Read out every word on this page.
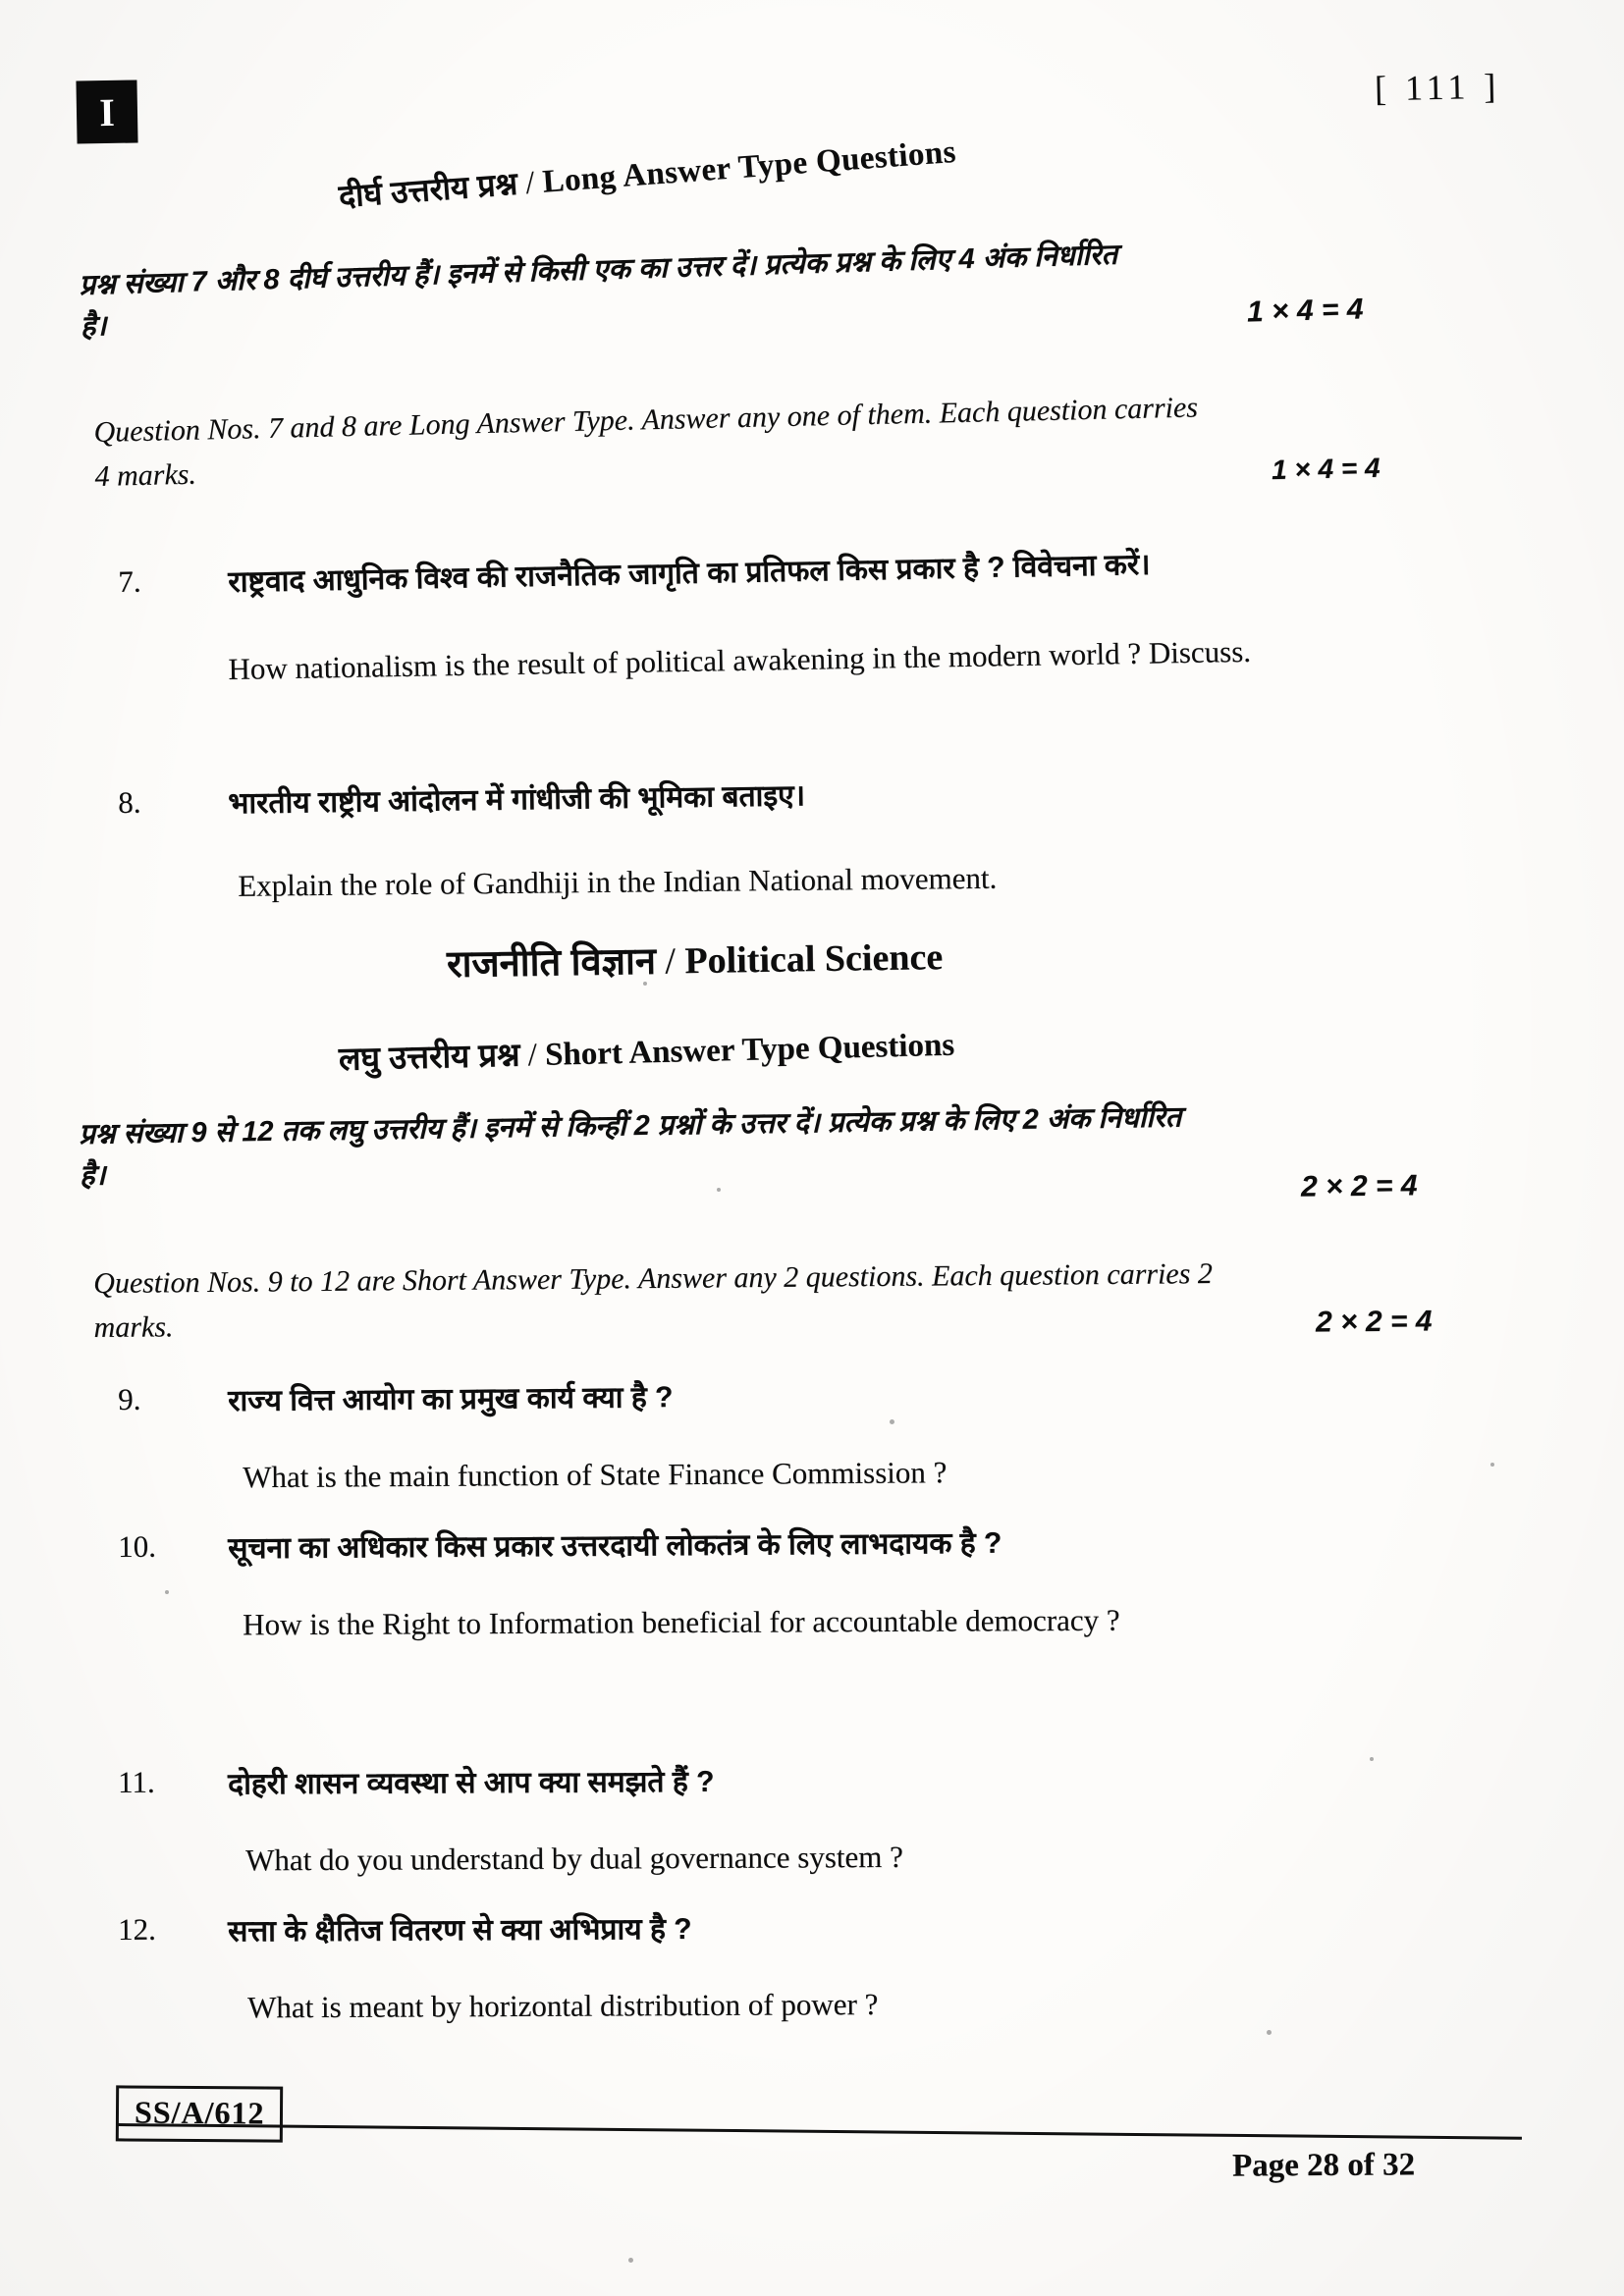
[ 111 ]
I
दीर्घ उत्तरीय प्रश्न / Long Answer Type Questions
प्रश्न संख्या 7 और 8 दीर्घ उत्तरीय हैं। इनमें से किसी एक का उत्तर दें। प्रत्येक प्रश्न के लिए 4 अंक निर्धारित है।	1 × 4 = 4
Question Nos. 7 and 8 are Long Answer Type. Answer any one of them. Each question carries 4 marks.	1 × 4 = 4
7.	राष्ट्रवाद आधुनिक विश्व की राजनैतिक जागृति का प्रतिफल किस प्रकार है ? विवेचना करें।
How nationalism is the result of political awakening in the modern world ? Discuss.
8.	भारतीय राष्ट्रीय आंदोलन में गांधीजी की भूमिका बताइए।
Explain the role of Gandhiji in the Indian National movement.
राजनीति विज्ञान / Political Science
लघु उत्तरीय प्रश्न / Short Answer Type Questions
प्रश्न संख्या 9 से 12 तक लघु उत्तरीय हैं। इनमें से किन्हीं 2 प्रश्नों के उत्तर दें। प्रत्येक प्रश्न के लिए 2 अंक निर्धारित है।	2 × 2 = 4
Question Nos. 9 to 12 are Short Answer Type. Answer any 2 questions. Each question carries 2 marks.	2 × 2 = 4
9.	राज्य वित्त आयोग का प्रमुख कार्य क्या है ?
What is the main function of State Finance Commission ?
10.	सूचना का अधिकार किस प्रकार उत्तरदायी लोकतंत्र के लिए लाभदायक है ?
How is the Right to Information beneficial for accountable democracy ?
11.	दोहरी शासन व्यवस्था से आप क्या समझते हैं ?
What do you understand by dual governance system ?
12.	सत्ता के क्षैतिज वितरण से क्या अभिप्राय है ?
What is meant by horizontal distribution of power ?
SS/A/612
Page 28 of 32
